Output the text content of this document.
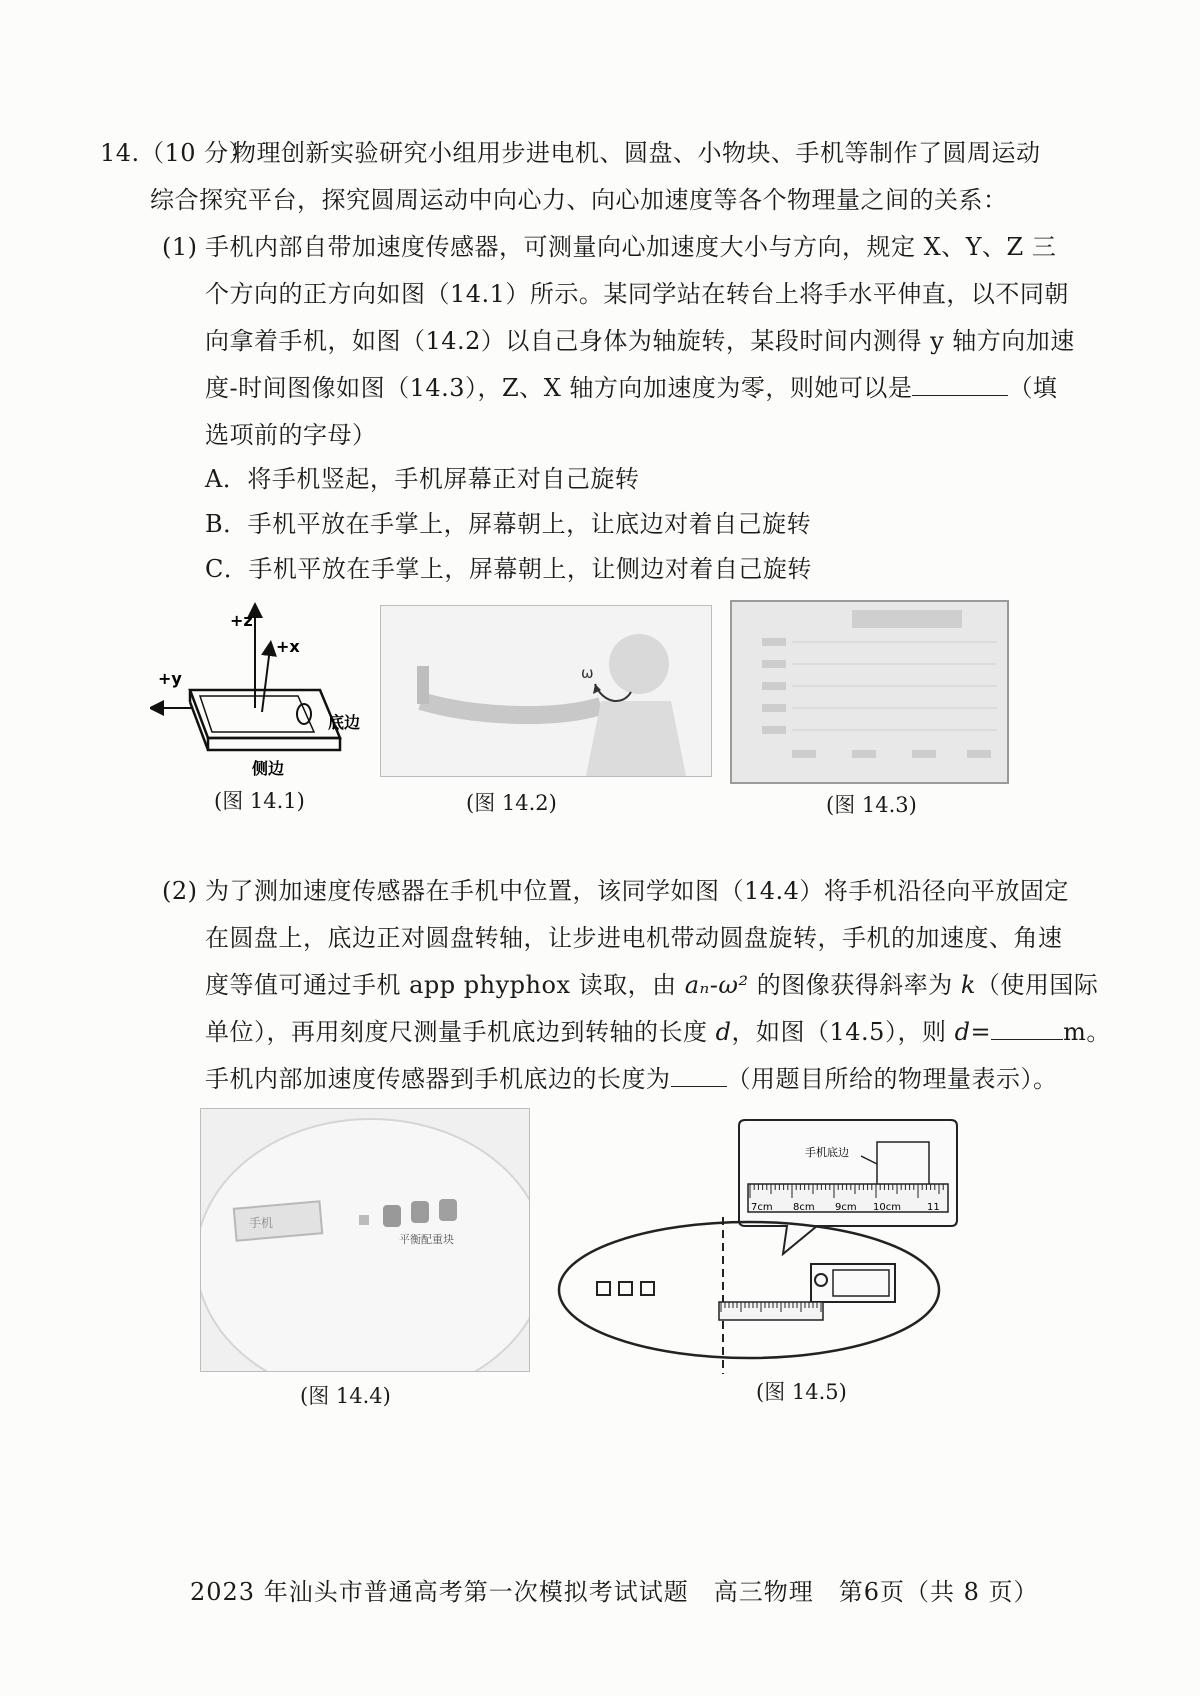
14. （10 分）
物理创新实验研究小组用步进电机、圆盘、小物块、手机等制作了圆周运动
综合探究平台，探究圆周运动中向心力、向心加速度等各个物理量之间的关系：
(1) 手机内部自带加速度传感器，可测量向心加速度大小与方向，规定 X、Y、Z 三
个方向的正方向如图（14.1）所示。某同学站在转台上将手水平伸直，以不同朝
向拿着手机，如图（14.2）以自己身体为轴旋转，某段时间内测得 y 轴方向加速
度-时间图像如图（14.3），Z、X 轴方向加速度为零，则她可以是	（填
选项前的字母）
A．将手机竖起，手机屏幕正对自己旋转
B．手机平放在手掌上，屏幕朝上，让底边对着自己旋转
C．手机平放在手掌上，屏幕朝上，让侧边对着自己旋转
+z
+x
+y
底边
侧边
(图 14.1)
ω
(图 14.2)	(图 14.3)
(2) 为了测加速度传感器在手机中位置，该同学如图（14.4）将手机沿径向平放固定
在圆盘上，底边正对圆盘转轴，让步进电机带动圆盘旋转，手机的加速度、角速
度等值可通过手机 app phyphox 读取，由 aₙ-ω² 的图像获得斜率为 k（使用国际
单位），再用刻度尺测量手机底边到转轴的长度 d，如图（14.5），则 d=	m。
手机内部加速度传感器到手机底边的长度为 （用题目所给的物理量表示）。
手机
平衡配重块
(图 14.4)
手机底边
7cm 8cm 9cm 10cm	11
(图 14.5)
2023 年汕头市普通高考第一次模拟考试试题　高三物理　第6页（共 8 页）
